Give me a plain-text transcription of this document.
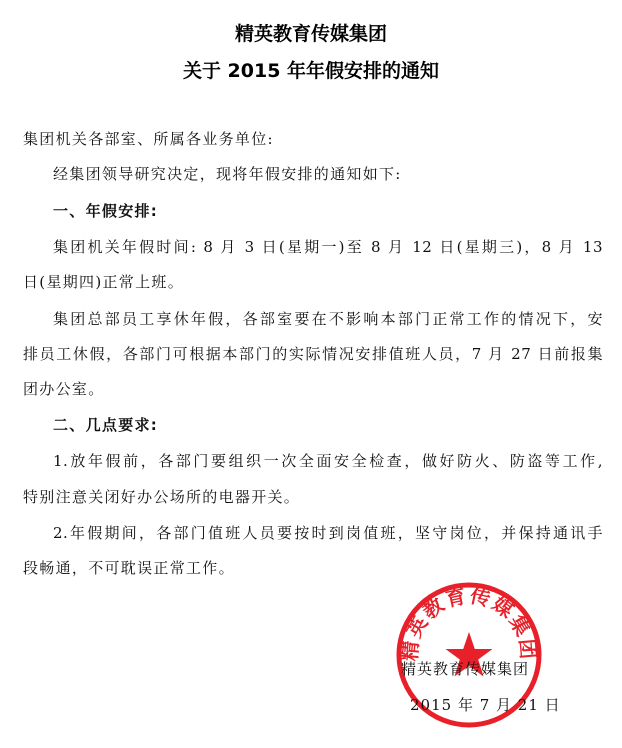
精英教育传媒集团
关于 2015 年年假安排的通知
集团机关各部室、所属各业务单位:
经集团领导研究决定，现将年假安排的通知如下:
一、年假安排:
集团机关年假时间: 8 月 3 日(星期一)至 8 月 12 日(星期三)，8 月 13
日(星期四)正常上班。
集团总部员工享休年假，各部室要在不影响本部门正常工作的情况下，安
排员工休假，各部门可根据本部门的实际情况安排值班人员，7 月 27 日前报集
团办公室。
二、几点要求:
1.放年假前，各部门要组织一次全面安全检查，做好防火、防盗等工作,
特别注意关闭好办公场所的电器开关。
2.年假期间，各部门值班人员要按时到岗值班，坚守岗位，并保持通讯手
段畅通，不可耽误正常工作。
精英教育传媒集团
精英教育传媒集团
2015 年 7 月 21 日
